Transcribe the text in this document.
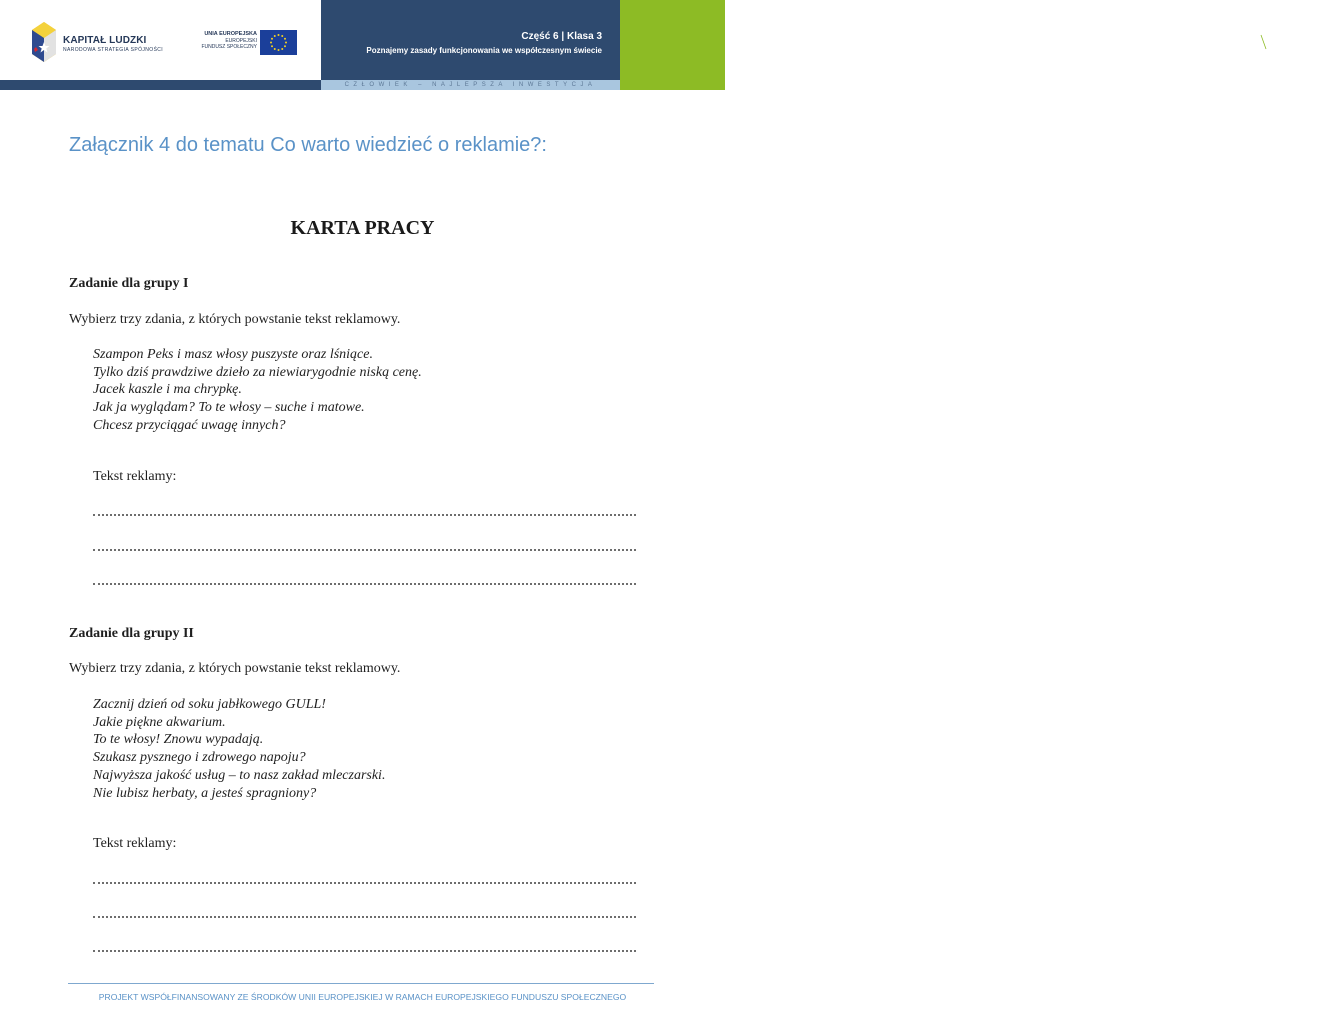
KAPITAŁ LUDZKI
NARODOWA STRATEGIA SPÓJNOŚCI
UNIA EUROPEJSKA
EUROPEJSKI
FUNDUSZ SPOŁECZNY
Część 6 | Klasa 3
Poznajemy zasady funkcjonowania we współczesnym świecie
uczmy się
uczyć
CZŁOWIEK – NAJLEPSZA INWESTYCJA
Załącznik 4 do tematu Co warto wiedzieć o reklamie?:
KARTA PRACY
Zadanie dla grupy I
Wybierz trzy zdania, z których powstanie tekst reklamowy.
Szampon Peks i masz włosy puszyste oraz lśniące.
Tylko dziś prawdziwe dzieło za niewiarygodnie niską cenę.
Jacek kaszle i ma chrypkę.
Jak ja wyglądam? To te włosy – suche i matowe.
Chcesz przyciągać uwagę innych?
Tekst reklamy:
Zadanie dla grupy II
Wybierz trzy zdania, z których powstanie tekst reklamowy.
Zacznij dzień od soku jabłkowego GULL!
Jakie piękne akwarium.
To te włosy! Znowu wypadają.
Szukasz pysznego i zdrowego napoju?
Najwyższa jakość usług – to nasz zakład mleczarski.
Nie lubisz herbaty, a jesteś spragniony?
Tekst reklamy:
PROJEKT WSPÓŁFINANSOWANY ZE ŚRODKÓW UNII EUROPEJSKIEJ W RAMACH EUROPEJSKIEGO FUNDUSZU SPOŁECZNEGO
